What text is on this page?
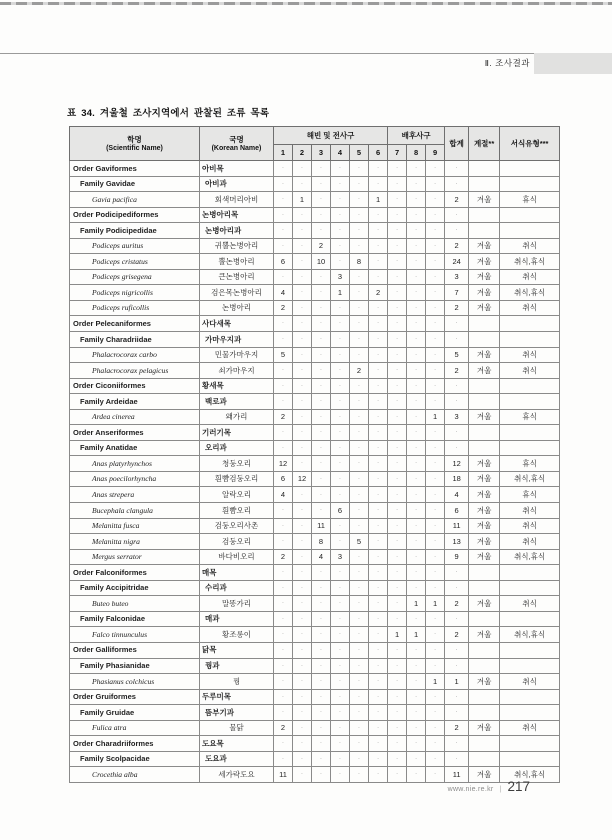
Ⅱ. 조사결과
표 34. 겨울철 조사지역에서 관찰된 조류 목록
학명
(Scientific Name)	국명
(Korean Name)	해빈 및 전사구						배후사구			합계	계절**	서식유형***
		1	2	3	4	5	6	7	8	9			
Order Gaviformes	아비목	·	·	·	·	·	·	·	·	·	·		
Family Gavidae	아비과	·	·	·	·	·	·	·	·	·	·		
Gavia pacifica	회색머리아비	·	1	·	·	·	1	·	·	·	2	겨울	휴식
Order Podicipediformes	논병아리목	·	·	·	·	·	·	·	·	·	·		
Family Podicipedidae	논병아리과	·	·	·	·	·	·	·	·	·	·		
Podiceps auritus	귀뿔논병아리	·	·	2	·	·	·	·	·	·	2	겨울	취식
Podiceps cristatus	뿔논병아리	6	·	10	·	8	·	·	·	·	24	겨울	취식,휴식
Podiceps grisegena	큰논병아리	·	·	·	3	·	·	·	·	·	3	겨울	취식
Podiceps nigricollis	검은목논병아리	4	·	·	1	·	2	·	·	·	7	겨울	취식,휴식
Podiceps ruficollis	논병아리	2	·	·	·	·	·	·	·	·	2	겨울	취식
Order Pelecaniformes	사다새목	·	·	·	·	·	·	·	·	·	·		
Family Charadriidae	가마우지과	·	·	·	·	·	·	·	·	·	·		
Phalacrocorax carbo	민물가마우지	5	·	·	·	·	·	·	·	·	5	겨울	취식
Phalacrocorax pelagicus	쇠가마우지	·	·	·	·	2	·	·	·	·	2	겨울	취식
Order Ciconiiformes	황새목	·	·	·	·	·	·	·	·	·	·		
Family Ardeidae	백로과	·	·	·	·	·	·	·	·	·	·		
Ardea cinerea	왜가리	2	·	·	·	·	·	·	·	1	3	겨울	휴식
Order Anseriformes	기러기목	·	·	·	·	·	·	·	·	·	·		
Family Anatidae	오리과	·	·	·	·	·	·	·	·	·	·		
Anas platyrhynchos	청둥오리	12	·	·	·	·	·	·	·	·	12	겨울	휴식
Anas poecilorhyncha	흰뺨검둥오리	6	12	·	·	·	·	·	·	·	18	겨울	취식,휴식
Anas strepera	알락오리	4	·	·	·	·	·	·	·	·	4	겨울	휴식
Bucephala clangula	흰뺨오리	·	·	·	6	·	·	·	·	·	6	겨울	취식
Melanitta fusca	검둥오리사촌	·	·	11	·	·	·	·	·	·	11	겨울	취식
Melanitta nigra	검둥오리	·	·	8	·	5	·	·	·	·	13	겨울	취식
Mergus serrator	바다비오리	2	·	4	3	·	·	·	·	·	9	겨울	취식,휴식
Order Falconiformes	매목	·	·	·	·	·	·	·	·	·	·		
Family Accipitridae	수리과	·	·	·	·	·	·	·	·	·	·		
Buteo buteo	말똥가리	·	·	·	·	·	·	·	1	1	2	겨울	취식
Family Falconidae	매과	·	·	·	·	·	·	·	·	·	·		
Falco tinnunculus	황조롱이	·	·	·	·	·	·	1	1	·	2	겨울	취식,휴식
Order Galliformes	닭목	·	·	·	·	·	·	·	·	·	·		
Family Phasianidae	꿩과	·	·	·	·	·	·	·	·	·	·		
Phasianus colchicus	꿩	·	·	·	·	·	·	·	·	1	1	겨울	취식
Order Gruiformes	두루미목	·	·	·	·	·	·	·	·	·	·		
Family Gruidae	뜸부기과	·	·	·	·	·	·	·	·	·	·		
Fulica atra	물닭	2	·	·	·	·	·	·	·	·	2	겨울	취식
Order Charadriiformes	도요목	·	·	·	·	·	·	·	·	·	·		
Family Scolpacidae	도요과	·	·	·	·	·	·	·	·	·	·		
Crocethia alba	세가락도요	11	·	·	·	·	·	·	·	·	11	겨울	취식,휴식
www.nie.re.kr | 217
